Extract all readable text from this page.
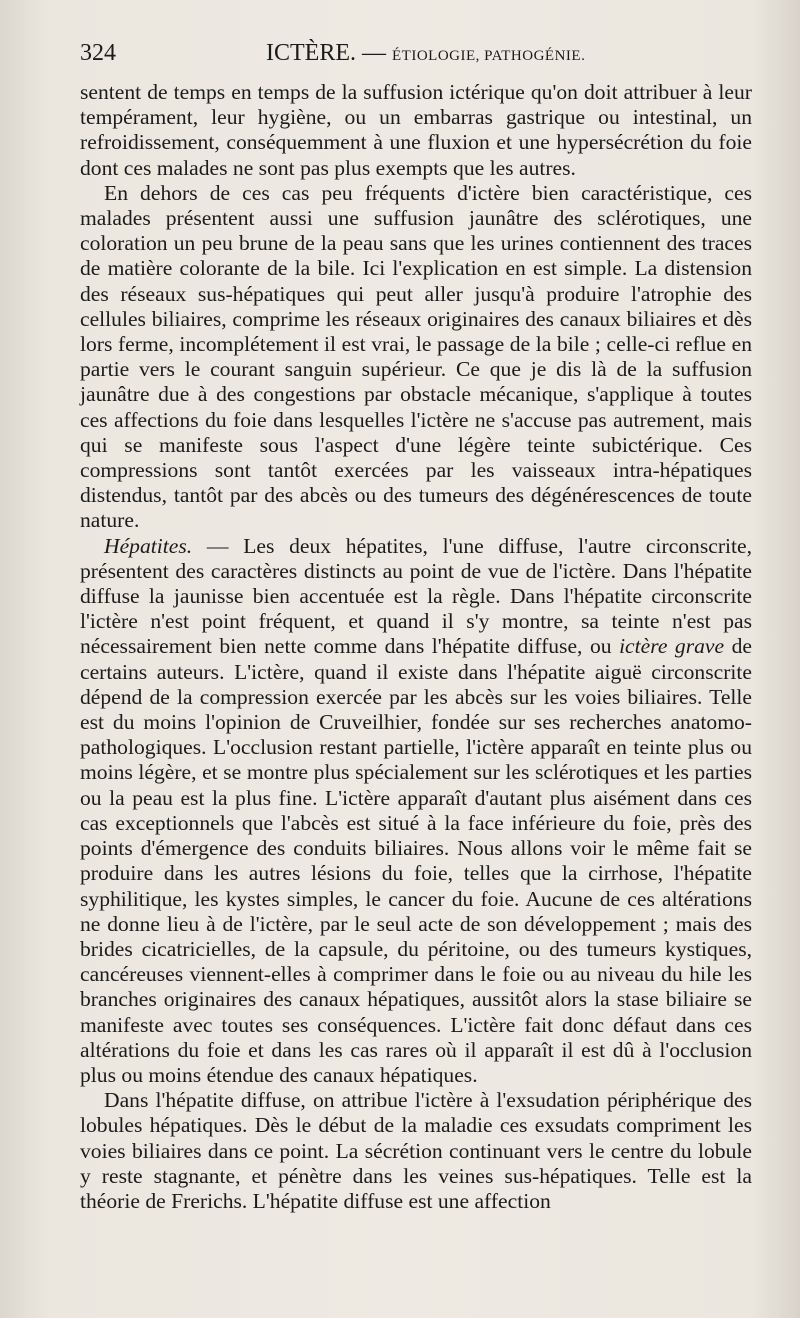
324	ICTÈRE. — ÉTIOLOGIE, PATHOGÉNIE.

sentent de temps en temps de la suffusion ictérique qu'on doit attribuer à leur tempérament, leur hygiène, ou un embarras gastrique ou intestinal, un refroidissement, conséquemment à une fluxion et une hypersécrétion du foie dont ces malades ne sont pas plus exempts que les autres.

En dehors de ces cas peu fréquents d'ictère bien caractéristique, ces malades présentent aussi une suffusion jaunâtre des sclérotiques, une coloration un peu brune de la peau sans que les urines contiennent des traces de matière colorante de la bile. Ici l'explication en est simple. La distension des réseaux sus-hépatiques qui peut aller jusqu'à produire l'atrophie des cellules biliaires, comprime les réseaux originaires des canaux biliaires et dès lors ferme, incomplétement il est vrai, le passage de la bile ; celle-ci reflue en partie vers le courant sanguin supérieur. Ce que je dis là de la suffusion jaunâtre due à des congestions par obstacle mécanique, s'applique à toutes ces affections du foie dans lesquelles l'ictère ne s'accuse pas autrement, mais qui se manifeste sous l'aspect d'une légère teinte subictérique. Ces compressions sont tantôt exercées par les vaisseaux intra-hépatiques distendus, tantôt par des abcès ou des tumeurs des dégénérescences de toute nature.

Hépatites. — Les deux hépatites, l'une diffuse, l'autre circonscrite, présentent des caractères distincts au point de vue de l'ictère. Dans l'hépatite diffuse la jaunisse bien accentuée est la règle. Dans l'hépatite circonscrite l'ictère n'est point fréquent, et quand il s'y montre, sa teinte n'est pas nécessairement bien nette comme dans l'hépatite diffuse, ou ictère grave de certains auteurs. L'ictère, quand il existe dans l'hépatite aiguë circonscrite dépend de la compression exercée par les abcès sur les voies biliaires. Telle est du moins l'opinion de Cruveilhier, fondée sur ses recherches anatomo-pathologiques. L'occlusion restant partielle, l'ictère apparaît en teinte plus ou moins légère, et se montre plus spécialement sur les sclérotiques et les parties ou la peau est la plus fine. L'ictère apparaît d'autant plus aisément dans ces cas exceptionnels que l'abcès est situé à la face inférieure du foie, près des points d'émergence des conduits biliaires. Nous allons voir le même fait se produire dans les autres lésions du foie, telles que la cirrhose, l'hépatite syphilitique, les kystes simples, le cancer du foie. Aucune de ces altérations ne donne lieu à de l'ictère, par le seul acte de son développement ; mais des brides cicatricielles, de la capsule, du péritoine, ou des tumeurs kystiques, cancéreuses viennent-elles à comprimer dans le foie ou au niveau du hile les branches originaires des canaux hépatiques, aussitôt alors la stase biliaire se manifeste avec toutes ses conséquences. L'ictère fait donc défaut dans ces altérations du foie et dans les cas rares où il apparaît il est dû à l'occlusion plus ou moins étendue des canaux hépatiques.

Dans l'hépatite diffuse, on attribue l'ictère à l'exsudation périphérique des lobules hépatiques. Dès le début de la maladie ces exsudats compriment les voies biliaires dans ce point. La sécrétion continuant vers le centre du lobule y reste stagnante, et pénètre dans les veines sus-hépatiques. Telle est la théorie de Frerichs. L'hépatite diffuse est une affection
